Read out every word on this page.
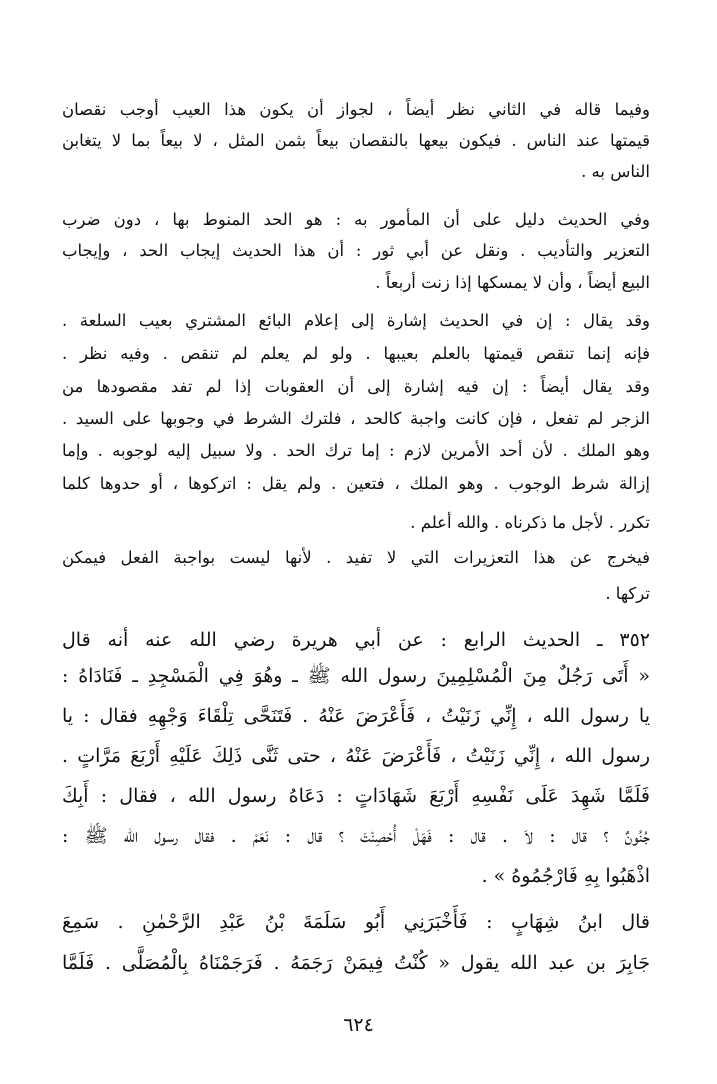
وفيما قاله في الثاني نظر أيضاً ، لجواز أن يكون هذا العيب أوجب نقصان
قيمتها عند الناس . فيكون بيعها بالنقصان بيعاً بثمن المثل ، لا بيعاً بما لا يتغابن
الناس به .
وفي الحديث دليل على أن المأمور به : هو الحد المنوط بها ، دون ضرب
التعزير والتأديب . ونقل عن أبي ثور : أن هذا الحديث إيجاب الحد ، وإيجاب
البيع أيضاً ، وأن لا يمسكها إذا زنت أربعاً .
وقد يقال : إن في الحديث إشارة إلى إعلام البائع المشتري بعيب السلعة .
فإنه إنما تنقص قيمتها بالعلم بعيبها . ولو لم يعلم لم تنقص . وفيه نظر .
وقد يقال أيضاً : إن فيه إشارة إلى أن العقوبات إذا لم تفد مقصودها من
الزجر لم تفعل ، فإن كانت واجبة كالحد ، فلترك الشرط في وجوبها على السيد .
وهو الملك . لأن أحد الأمرين لازم : إما ترك الحد . ولا سبيل إليه لوجوبه . وإما
إزالة شرط الوجوب . وهو الملك ، فتعين . ولم يقل : اتركوها ، أو حدوها كلما
تكرر . لأجل ما ذكرناه . والله أعلم .
فيخرج عن هذا التعزيرات التي لا تفيد . لأنها ليست بواجبة الفعل فيمكن
تركها .
٣٥٢ ـ الحديث الرابع : عن أبي هريرة رضي الله عنه أنه قال
« أَتَى رَجُلٌ مِنَ الْمُسْلِمِينَ رسول الله ﷺ ـ وهُوَ فِي الْمَسْجِدِ ـ فَنَادَاهُ :
يا رسول الله ، إِنِّي زَنَيْتُ ، فَأَعْرَضَ عَنْهُ . فَتَنَحَّى تِلْقَاءَ وَجْهِهِ فقال : يا
رسول الله ، إِنِّي زَنَيْتُ ، فَأَعْرَضَ عَنْهُ ، حتى ثَنَّى ذَلِكَ عَلَيْهِ أَرْبَعَ مَرَّاتٍ .
فَلَمَّا شَهِدَ عَلَى نَفْسِهِ أَرْبَعَ شَهَادَاتٍ : دَعَاهُ رسول الله ، فقال : أَبِكَ
جُنُونٌ ؟ قال : لاَ . قال : فَهَلْ أُحْصِنْتَ ؟ قال : نَعَمْ . فقال رسول الله ﷺ :
اذْهَبُوا بِهِ فَارْجُمُوهُ » .
قال ابنُ شِهَابٍ : فَأَخْبَرَنِي أَبُو سَلَمَةَ بْنُ عَبْدِ الرَّحْمٰنِ . سَمِعَ
جَابِرَ بن عبد الله يقول « كُنْتُ فِيمَنْ رَجَمَهُ . فَرَجَمْنَاهُ بِالْمُصَلَّى . فَلَمَّا
٦٢٤
